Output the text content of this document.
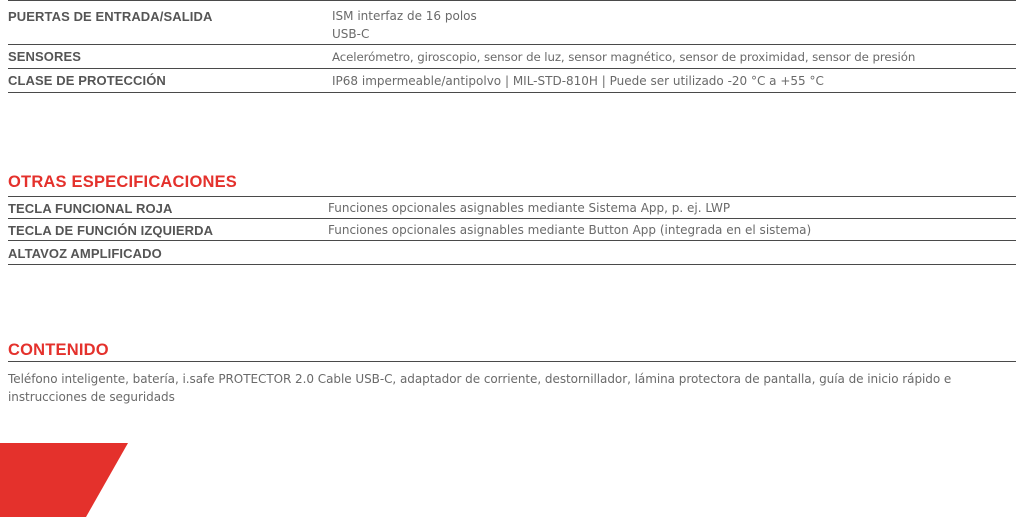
PUERTAS DE ENTRADA/SALIDA	ISM interfaz de 16 polos
USB-C
SENSORES	Acelerómetro, giroscopio, sensor de luz, sensor magnético, sensor de proximidad, sensor de presión
CLASE DE PROTECCIÓN	IP68 impermeable/antipolvo | MIL-STD-810H | Puede ser utilizado -20 °C a +55 °C
OTRAS ESPECIFICACIONES
TECLA FUNCIONAL ROJA	Funciones opcionales asignables mediante Sistema App, p. ej. LWP
TECLA DE FUNCIÓN IZQUIERDA	Funciones opcionales asignables mediante Button App (integrada en el sistema)
ALTAVOZ AMPLIFICADO
CONTENIDO
Teléfono inteligente, batería, i.safe PROTECTOR 2.0 Cable USB-C, adaptador de corriente, destornillador, lámina protectora de pantalla, guía de inicio rápido e instrucciones de seguridads
